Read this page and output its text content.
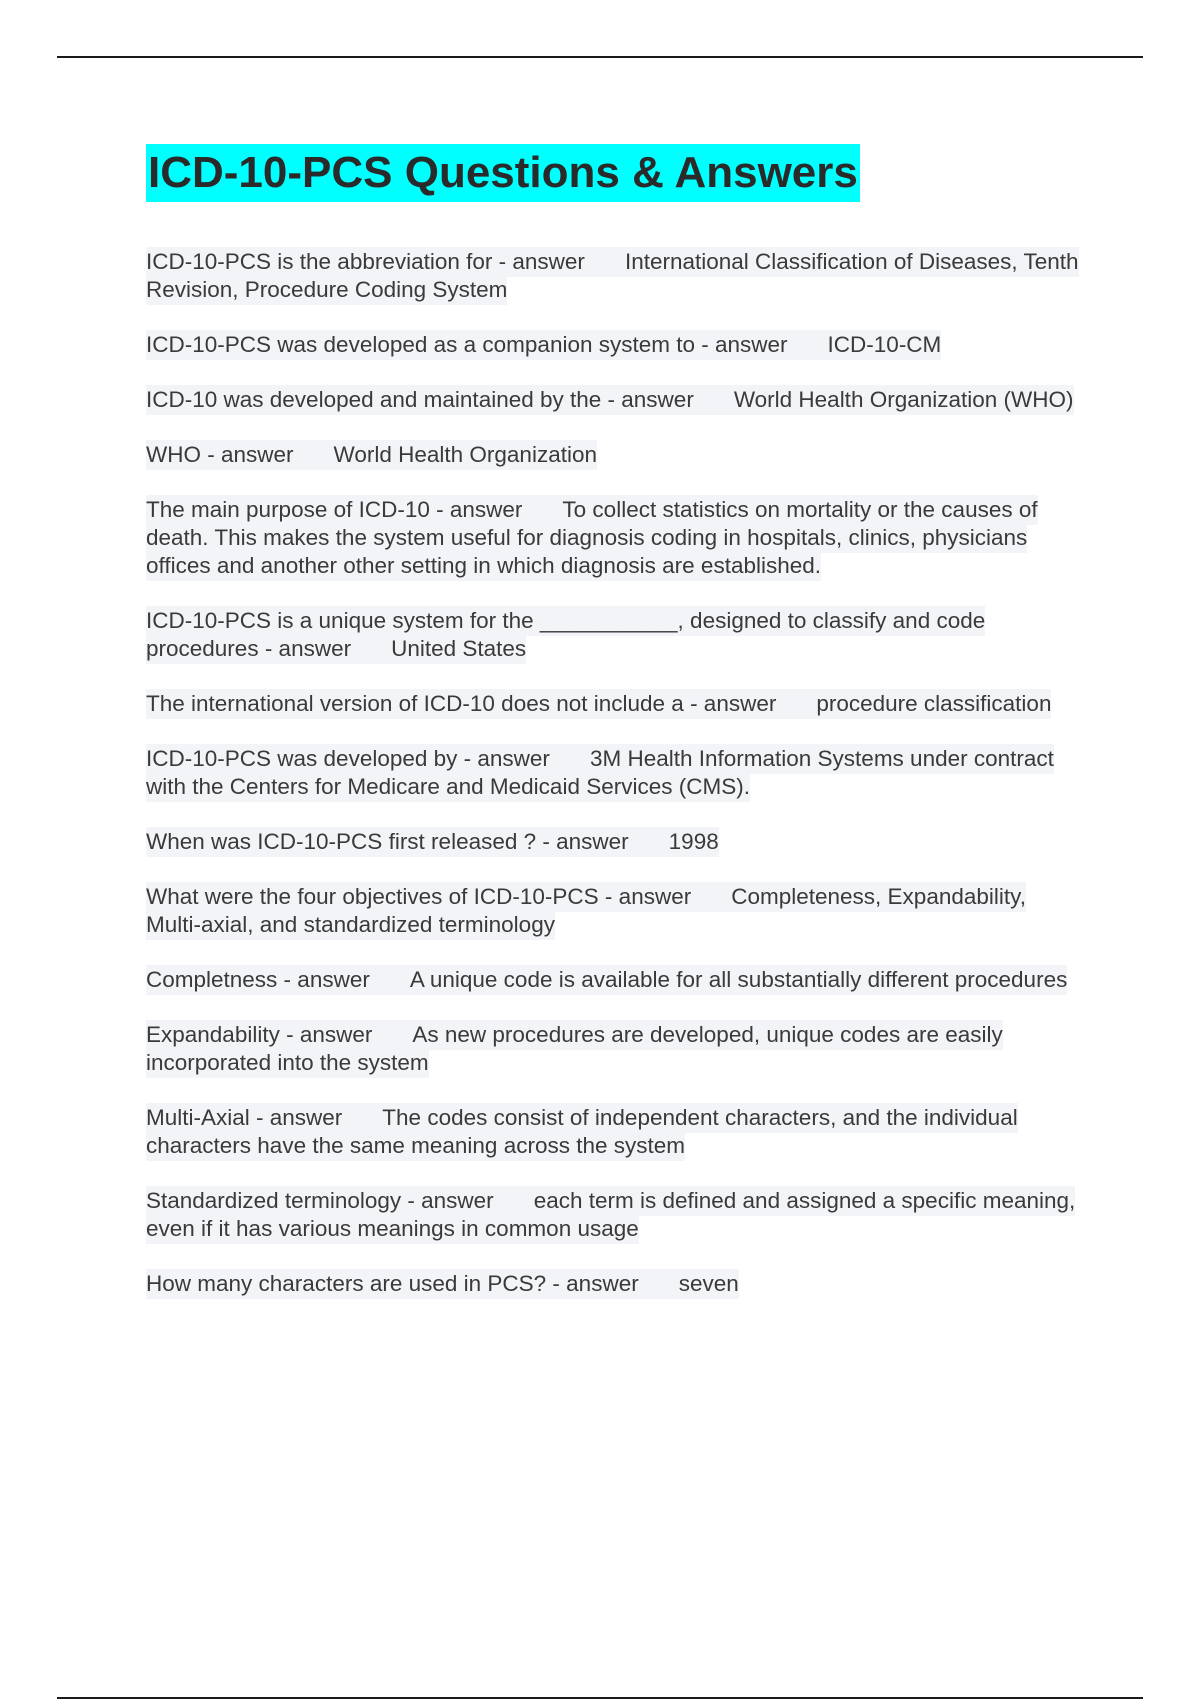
ICD-10-PCS Questions & Answers
ICD-10-PCS is the abbreviation for - answer International Classification of Diseases, Tenth Revision, Procedure Coding System
ICD-10-PCS was developed as a companion system to - answer ICD-10-CM
ICD-10 was developed and maintained by the - answer World Health Organization (WHO)
WHO - answer World Health Organization
The main purpose of ICD-10 - answer To collect statistics on mortality or the causes of death. This makes the system useful for diagnosis coding in hospitals, clinics, physicians offices and another other setting in which diagnosis are established.
ICD-10-PCS is a unique system for the ___________, designed to classify and code procedures - answer United States
The international version of ICD-10 does not include a - answer procedure classification
ICD-10-PCS was developed by - answer 3M Health Information Systems under contract with the Centers for Medicare and Medicaid Services (CMS).
When was ICD-10-PCS first released ? - answer 1998
What were the four objectives of ICD-10-PCS - answer Completeness, Expandability, Multi-axial, and standardized terminology
Completness - answer A unique code is available for all substantially different procedures
Expandability - answer As new procedures are developed, unique codes are easily incorporated into the system
Multi-Axial - answer The codes consist of independent characters, and the individual characters have the same meaning across the system
Standardized terminology - answer each term is defined and assigned a specific meaning, even if it has various meanings in common usage
How many characters are used in PCS? - answer seven
